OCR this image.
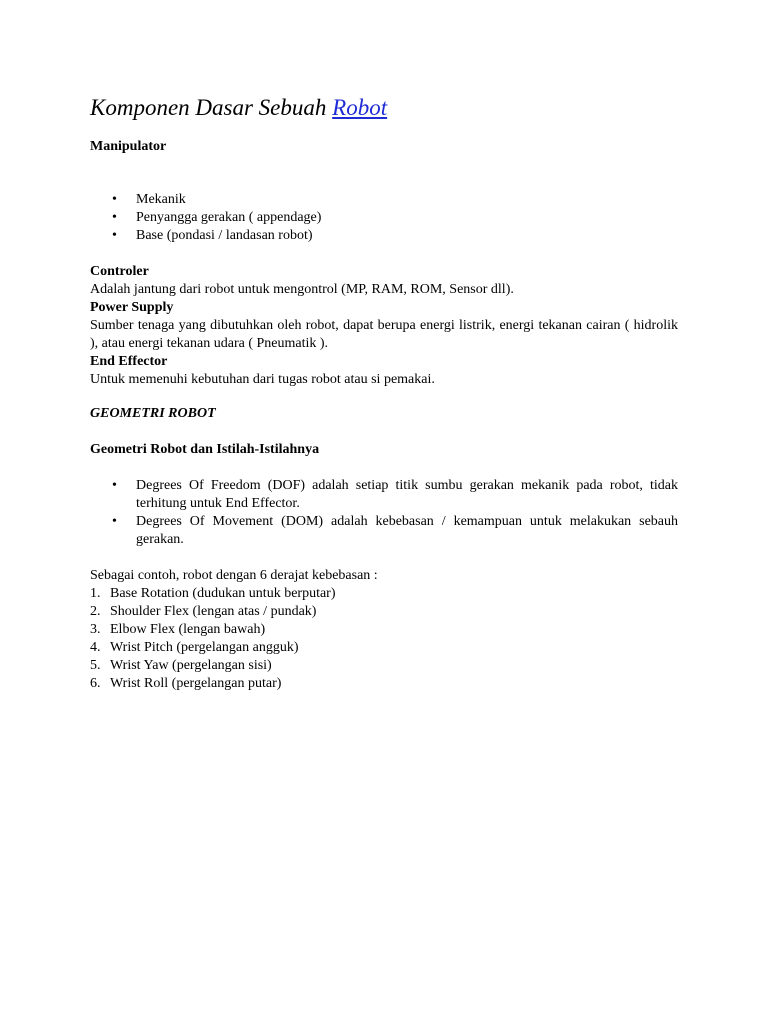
Komponen Dasar Sebuah Robot
Manipulator
• Mekanik
• Penyangga gerakan ( appendage)
• Base (pondasi / landasan robot)
Controler
Adalah jantung dari robot untuk mengontrol (MP, RAM, ROM, Sensor dll).
Power Supply
Sumber tenaga yang dibutuhkan oleh robot, dapat berupa energi listrik, energi tekanan cairan ( hidrolik ), atau energi tekanan udara ( Pneumatik ).
End Effector
Untuk memenuhi kebutuhan dari tugas robot atau si pemakai.
GEOMETRI ROBOT
Geometri Robot dan Istilah-Istilahnya
• Degrees Of Freedom (DOF) adalah setiap titik sumbu gerakan mekanik pada robot, tidak terhitung untuk End Effector.
• Degrees Of Movement (DOM) adalah kebebasan / kemampuan untuk melakukan sebauh gerakan.
Sebagai contoh, robot dengan 6 derajat kebebasan :
1. Base Rotation (dudukan untuk berputar)
2. Shoulder Flex (lengan atas / pundak)
3. Elbow Flex (lengan bawah)
4. Wrist Pitch (pergelangan angguk)
5. Wrist Yaw (pergelangan sisi)
6. Wrist Roll (pergelangan putar)
